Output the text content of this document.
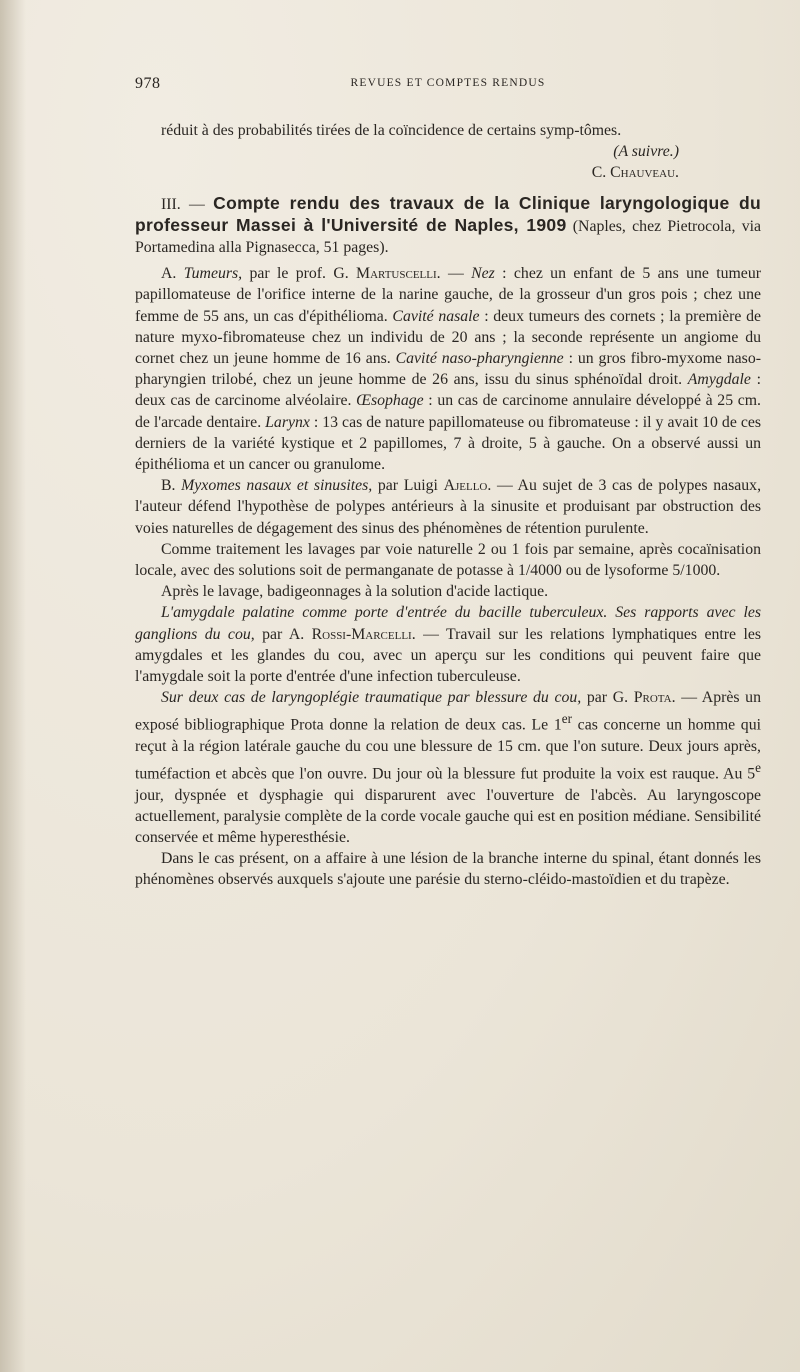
978	REVUES ET COMPTES RENDUS

réduit à des probabilités tirées de la coïncidence de certains symp-tômes.

(A suivre.)

C. Chauveau.

III. — Compte rendu des travaux de la Clinique laryngologique du professeur Massei à l'Université de Naples, 1909 (Naples, chez Pietrocola, via Portamedina alla Pignasecca, 51 pages).

A. Tumeurs, par le prof. G. Martuscelli. — Nez : chez un enfant de 5 ans une tumeur papillomateuse de l'orifice interne de la narine gauche, de la grosseur d'un gros pois ; chez une femme de 55 ans, un cas d'épithélioma. Cavité nasale : deux tumeurs des cornets ; la première de nature myxo-fibromateuse chez un individu de 20 ans ; la seconde représente un angiome du cornet chez un jeune homme de 16 ans. Cavité naso-pharyngienne : un gros fibro-myxome naso-pharyngien trilobé, chez un jeune homme de 26 ans, issu du sinus sphénoïdal droit. Amygdale : deux cas de carcinome alvéolaire. Œsophage : un cas de carcinome annulaire développé à 25 cm. de l'arcade dentaire. Larynx : 13 cas de nature papillomateuse ou fibromateuse : il y avait 10 de ces derniers de la variété kystique et 2 papillomes, 7 à droite, 5 à gauche. On a observé aussi un épithélioma et un cancer ou granulome.

B. Myxomes nasaux et sinusites, par Luigi Ajello. — Au sujet de 3 cas de polypes nasaux, l'auteur défend l'hypothèse de polypes antérieurs à la sinusite et produisant par obstruction des voies naturelles de dégagement des sinus des phénomènes de rétention purulente.

Comme traitement les lavages par voie naturelle 2 ou 1 fois par semaine, après cocaïnisation locale, avec des solutions soit de permanganate de potasse à 1/4000 ou de lysoforme 5/1000.

Après le lavage, badigeonnages à la solution d'acide lactique.

L'amygdale palatine comme porte d'entrée du bacille tuberculeux. Ses rapports avec les ganglions du cou, par A. Rossi-Marcelli. — Travail sur les relations lymphatiques entre les amygdales et les glandes du cou, avec un aperçu sur les conditions qui peuvent faire que l'amygdale soit la porte d'entrée d'une infection tuberculeuse.

Sur deux cas de laryngoplégie traumatique par blessure du cou, par G. Prota. — Après un exposé bibliographique Prota donne la relation de deux cas. Le 1er cas concerne un homme qui reçut à la région latérale gauche du cou une blessure de 15 cm. que l'on suture. Deux jours après, tuméfaction et abcès que l'on ouvre. Du jour où la blessure fut produite la voix est rauque. Au 5e jour, dyspnée et dysphagie qui disparurent avec l'ouverture de l'abcès. Au laryngoscope actuellement, paralysie complète de la corde vocale gauche qui est en position médiane. Sensibilité conservée et même hyperesthésie.

Dans le cas présent, on a affaire à une lésion de la branche interne du spinal, étant donnés les phénomènes observés auxquels s'ajoute une parésie du sterno-cléido-mastoïdien et du trapèze.
